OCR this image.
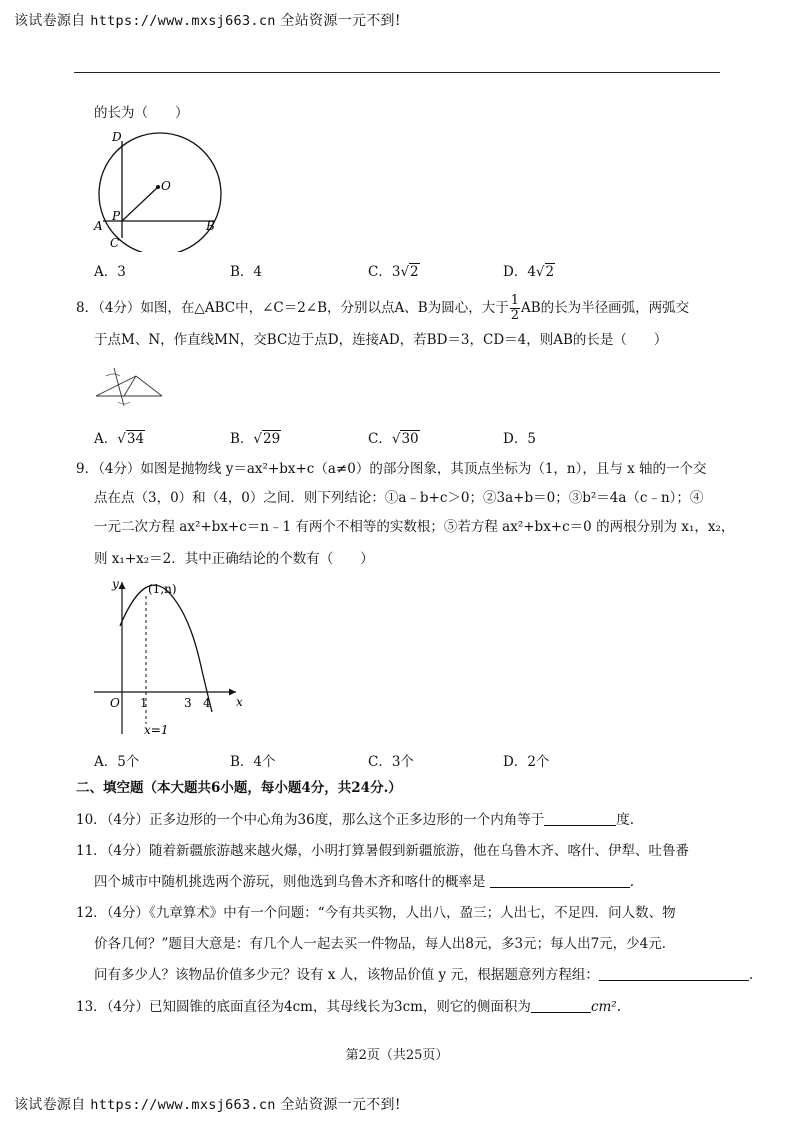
该试卷源自 https://www.mxsj663.cn 全站资源一元不到!
的长为（　　）
D
O
P
A
C
B
A．3	B．4	C．3√2	D．4√2
8．（4分）如图，在△ABC中，∠C＝2∠B，分别以点A、B为圆心，大于 $\frac{1}{2}$ AB的长为半径画弧，两弧交
于点M、N，作直线MN，交BC边于点D，连接AD，若BD＝3，CD＝4，则AB的长是（　　）
A．√34	B．√29	C．√30	D．5
9．（4分）如图是抛物线 y＝ax²+bx+c（a≠0）的部分图象，其顶点坐标为（1，n），且与 x 轴的一个交
点在点（3，0）和（4，0）之间．则下列结论：①a﹣b+c＞0；②3a+b＝0；③b²＝4a（c﹣n）；④
一元二次方程 ax²+bx+c＝n﹣1 有两个不相等的实数根；⑤若方程 ax²+bx+c＝0 的两根分别为 x₁，x₂，
则 x₁+x₂＝2．其中正确结论的个数有（　　）
y
x
O
(1,n)
1	3 4
x=1
A．5个	B．4个	C．3个	D．2个
二、填空题（本大题共6小题，每小题4分，共24分.）
10．（4分）正多边形的一个中心角为36度，那么这个正多边形的一个内角等于	度.
11．（4分）随着新疆旅游越来越火爆，小明打算暑假到新疆旅游，他在乌鲁木齐、喀什、伊犁、吐鲁番
四个城市中随机挑选两个游玩，则他选到乌鲁木齐和喀什的概率是	.
12．（4分）《九章算术》中有一个问题：“今有共买物，人出八，盈三；人出七，不足四．问人数、物
价各几何？”题目大意是：有几个人一起去买一件物品，每人出8元，多3元；每人出7元，少4元．
问有多少人？该物品价值多少元？设有 x 人，该物品价值 y 元，根据题意列方程组：	.
13．（4分）已知圆锥的底面直径为4cm，其母线长为3cm，则它的侧面积为	cm².
第2页（共25页）
该试卷源自 https://www.mxsj663.cn 全站资源一元不到!
